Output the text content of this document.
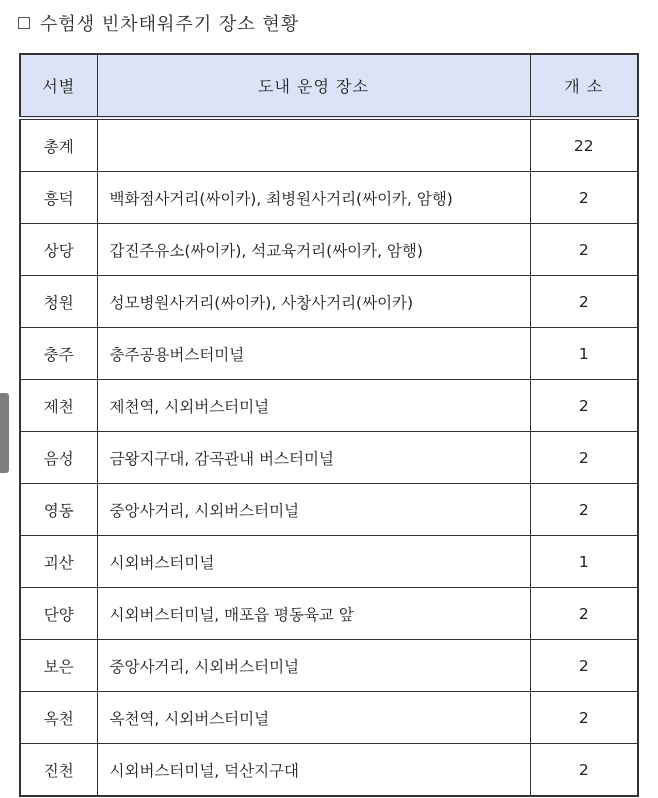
수험생 빈차태워주기 장소 현황
서별	도내 운영 장소	개 소
총계		22
흥덕	백화점사거리(싸이카), 최병원사거리(싸이카, 암행)	2
상당	갑진주유소(싸이카), 석교육거리(싸이카, 암행)	2
청원	성모병원사거리(싸이카), 사창사거리(싸이카)	2
충주	충주공용버스터미널	1
제천	제천역, 시외버스터미널	2
음성	금왕지구대, 감곡관내 버스터미널	2
영동	중앙사거리, 시외버스터미널	2
괴산	시외버스터미널	1
단양	시외버스터미널, 매포읍 평동육교 앞	2
보은	중앙사거리, 시외버스터미널	2
옥천	옥천역, 시외버스터미널	2
진천	시외버스터미널, 덕산지구대	2
